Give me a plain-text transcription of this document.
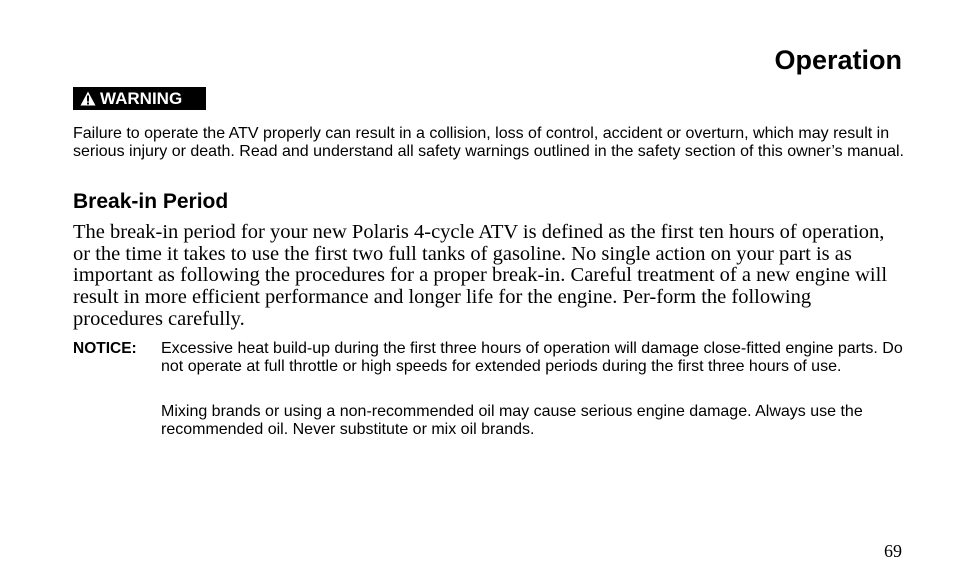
Operation
WARNING

Failure to operate the ATV properly can result in a collision, loss of control, accident or overturn, which may result in serious injury or death. Read and understand all safety warnings outlined in the safety section of this owner’s manual.

Break-in Period

The break-in period for your new Polaris 4-cycle ATV is defined as the first ten hours of operation, or the time it takes to use the first two full tanks of gasoline. No single action on your part is as important as following the procedures for a proper break-in. Careful treatment of a new engine will result in more efficient performance and longer life for the engine. Per-form the following procedures carefully.

NOTICE: Excessive heat build-up during the first three hours of operation will damage close-fitted engine parts. Do not operate at full throttle or high speeds for extended periods during the first three hours of use.

Mixing brands or using a non-recommended oil may cause serious engine damage. Always use the recommended oil. Never substitute or mix oil brands.

69
